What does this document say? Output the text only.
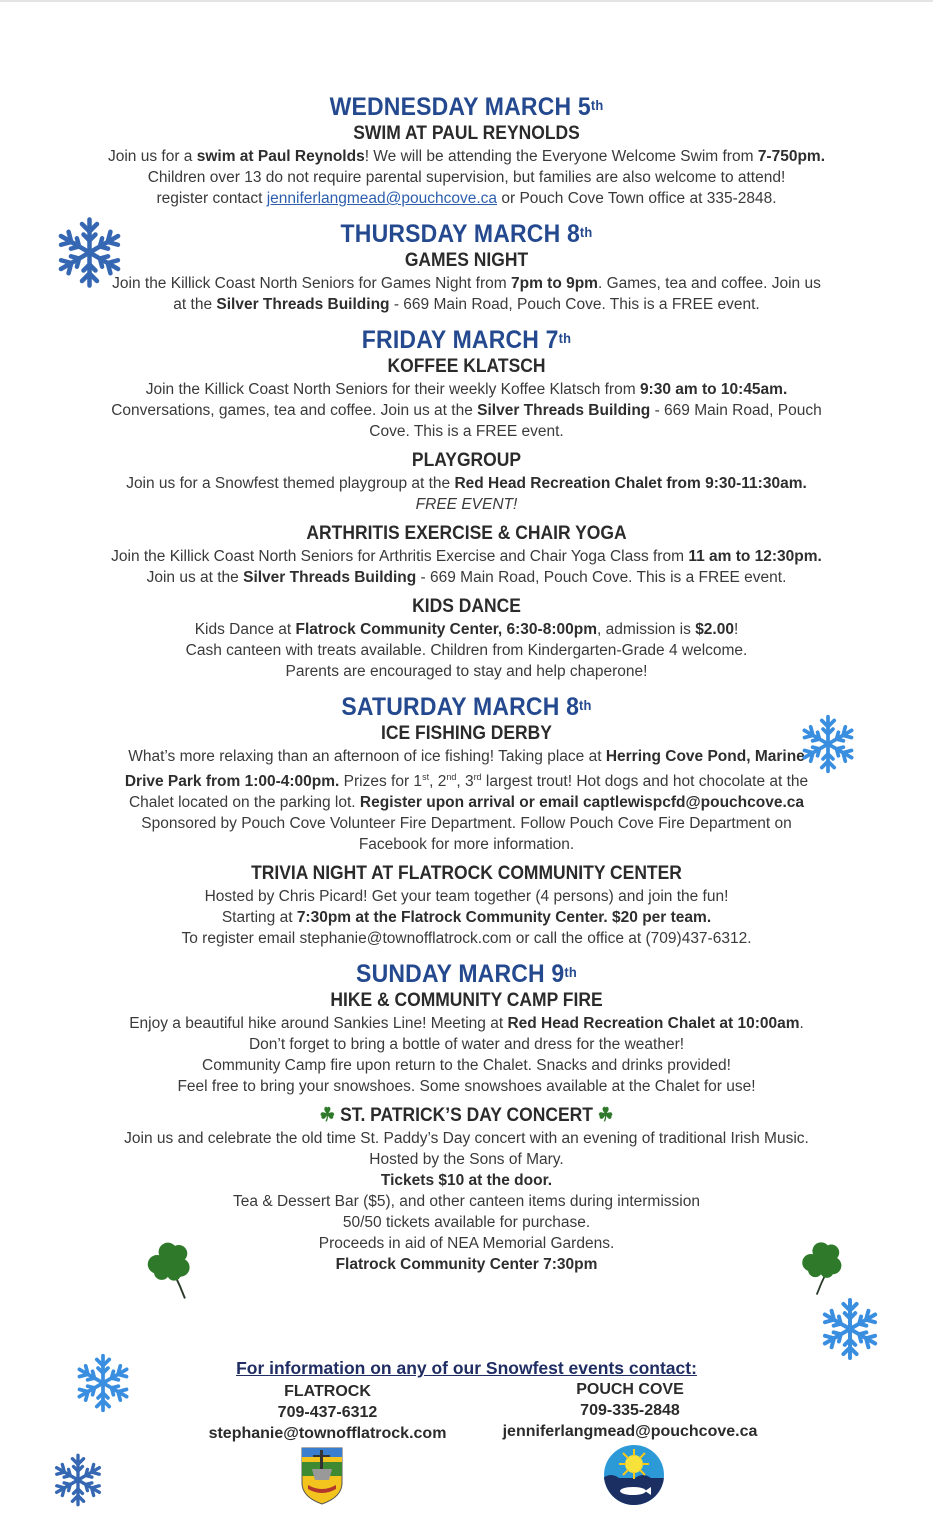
WEDNESDAY MARCH 5th
SWIM AT PAUL REYNOLDS

Join us for a swim at Paul Reynolds! We will be attending the Everyone Welcome Swim from 7-750pm.

Children over 13 do not require parental supervision, but families are also welcome to attend!

register contact jenniferlangmead@pouchcove.ca or Pouch Cove Town office at 335-2848.

THURSDAY MARCH 8th
GAMES NIGHT

Join the Killick Coast North Seniors for Games Night from 7pm to 9pm. Games, tea and coffee. Join us

at the Silver Threads Building - 669 Main Road, Pouch Cove. This is a FREE event.

FRIDAY MARCH 7th
KOFFEE KLATSCH

Join the Killick Coast North Seniors for their weekly Koffee Klatsch from 9:30 am to 10:45am.

Conversations, games, tea and coffee. Join us at the Silver Threads Building - 669 Main Road, Pouch

Cove. This is a FREE event.

PLAYGROUP

Join us for a Snowfest themed playgroup at the Red Head Recreation Chalet from 9:30-11:30am.

FREE EVENT!

ARTHRITIS EXERCISE & CHAIR YOGA

Join the Killick Coast North Seniors for Arthritis Exercise and Chair Yoga Class from 11 am to 12:30pm.

Join us at the Silver Threads Building - 669 Main Road, Pouch Cove. This is a FREE event.

KIDS DANCE

Kids Dance at Flatrock Community Center, 6:30-8:00pm, admission is $2.00!

Cash canteen with treats available. Children from Kindergarten-Grade 4 welcome.

Parents are encouraged to stay and help chaperone!

SATURDAY MARCH 8th
ICE FISHING DERBY

What’s more relaxing than an afternoon of ice fishing! Taking place at Herring Cove Pond, Marine

Drive Park from 1:00-4:00pm. Prizes for 1st, 2nd, 3rd largest trout! Hot dogs and hot chocolate at the

Chalet located on the parking lot. Register upon arrival or email captlewispcfd@pouchcove.ca

Sponsored by Pouch Cove Volunteer Fire Department. Follow Pouch Cove Fire Department on

Facebook for more information.

TRIVIA NIGHT AT FLATROCK COMMUNITY CENTER

Hosted by Chris Picard! Get your team together (4 persons) and join the fun!

Starting at 7:30pm at the Flatrock Community Center. $20 per team.

To register email stephanie@townofflatrock.com or call the office at (709)437-6312.

SUNDAY MARCH 9th
HIKE & COMMUNITY CAMP FIRE

Enjoy a beautiful hike around Sankies Line! Meeting at Red Head Recreation Chalet at 10:00am.

Don’t forget to bring a bottle of water and dress for the weather!

Community Camp fire upon return to the Chalet. Snacks and drinks provided!

Feel free to bring your snowshoes. Some snowshoes available at the Chalet for use!

☘ ST. PATRICK’S DAY CONCERT ☘

Join us and celebrate the old time St. Paddy’s Day concert with an evening of traditional Irish Music.

Hosted by the Sons of Mary.

Tickets $10 at the door.

Tea & Dessert Bar ($5), and other canteen items during intermission

50/50 tickets available for purchase.

Proceeds in aid of NEA Memorial Gardens.

Flatrock Community Center 7:30pm

For information on any of our Snowfest events contact:
FLATROCK
709-437-6312
stephanie@townofflatrock.com
POUCH COVE
709-335-2848
jenniferlangmead@pouchcove.ca
